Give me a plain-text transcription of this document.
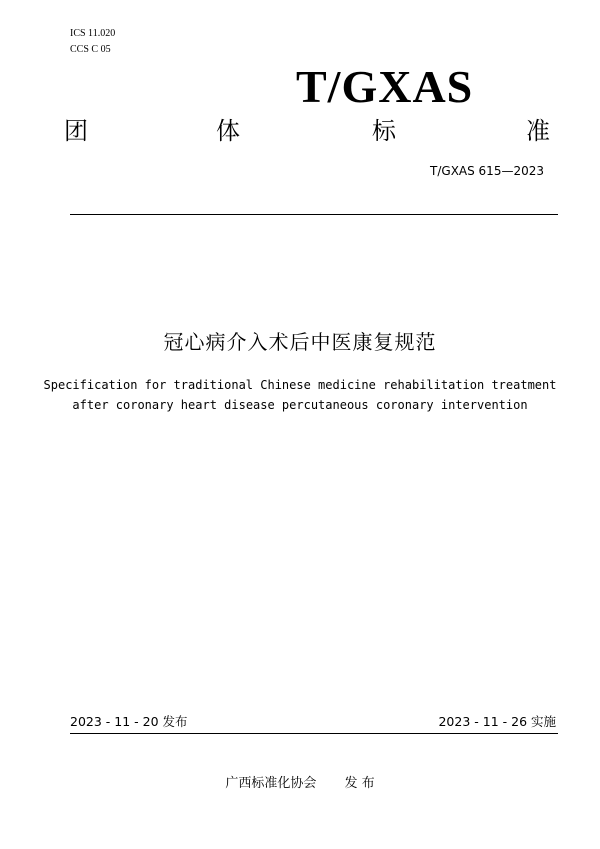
ICS 11.020
CCS C 05
T/GXAS
团	体	标	准
T/GXAS 615—2023
冠心病介入术后中医康复规范
Specification for traditional Chinese medicine rehabilitation treatment
after coronary heart disease percutaneous coronary intervention
2023 - 11 - 20 发布	2023 - 11 - 26 实施
广西标准化协会 发 布
